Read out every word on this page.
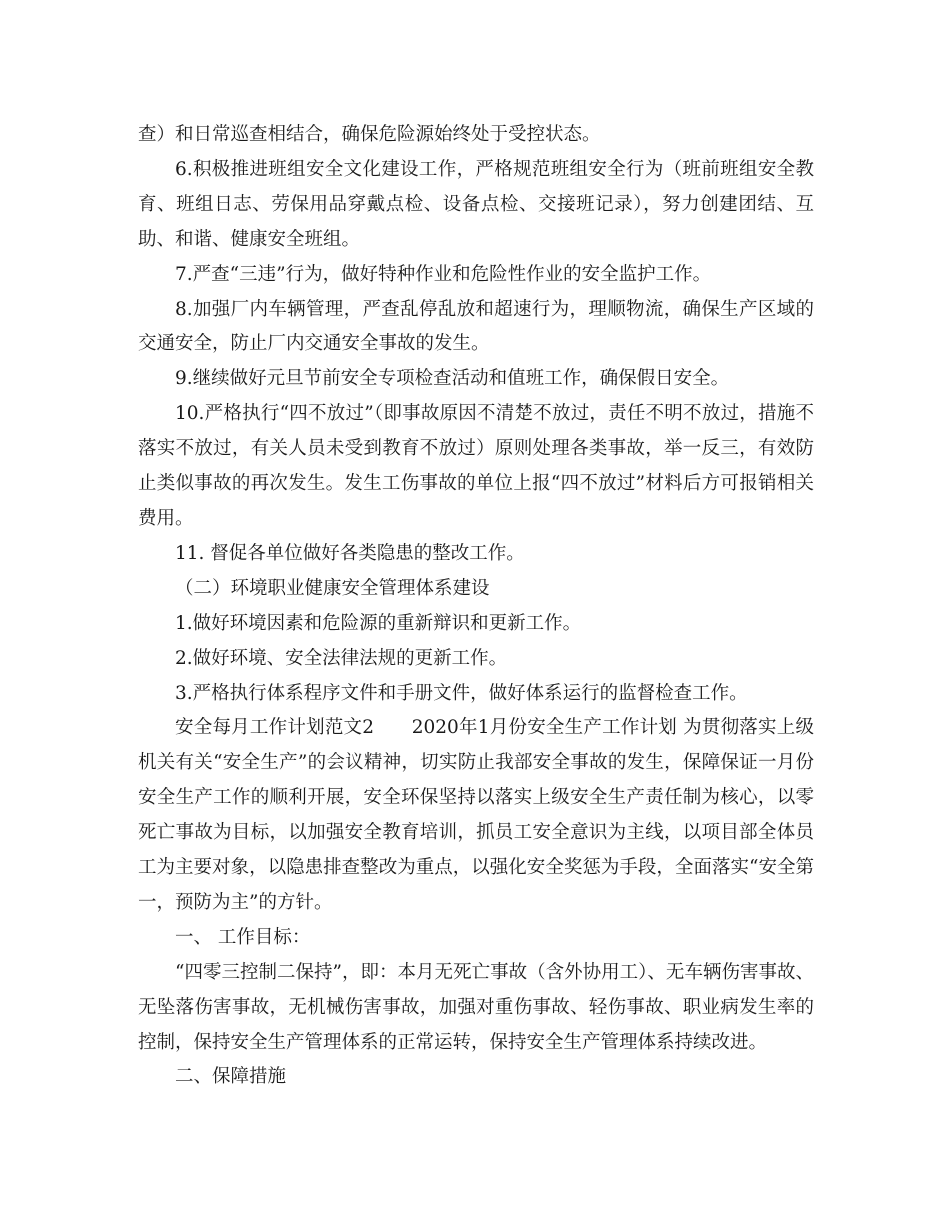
查）和日常巡查相结合，确保危险源始终处于受控状态。

6.积极推进班组安全文化建设工作，严格规范班组安全行为（班前班组安全教育、班组日志、劳保用品穿戴点检、设备点检、交接班记录），努力创建团结、互助、和谐、健康安全班组。

7.严查“三违”行为，做好特种作业和危险性作业的安全监护工作。

8.加强厂内车辆管理，严查乱停乱放和超速行为，理顺物流，确保生产区域的交通安全，防止厂内交通安全事故的发生。

9.继续做好元旦节前安全专项检查活动和值班工作，确保假日安全。

10.严格执行“四不放过”（即事故原因不清楚不放过，责任不明不放过，措施不落实不放过，有关人员未受到教育不放过）原则处理各类事故，举一反三，有效防止类似事故的再次发生。发生工伤事故的单位上报“四不放过”材料后方可报销相关费用。

11. 督促各单位做好各类隐患的整改工作。

（二）环境职业健康安全管理体系建设

1.做好环境因素和危险源的重新辩识和更新工作。

2.做好环境、安全法律法规的更新工作。

3.严格执行体系程序文件和手册文件，做好体系运行的监督检查工作。

安全每月工作计划范文2　　2020年1月份安全生产工作计划 为贯彻落实上级机关有关“安全生产”的会议精神，切实防止我部安全事故的发生，保障保证一月份安全生产工作的顺利开展，安全环保坚持以落实上级安全生产责任制为核心，以零死亡事故为目标，以加强安全教育培训，抓员工安全意识为主线，以项目部全体员工为主要对象，以隐患排查整改为重点，以强化安全奖惩为手段，全面落实“安全第一，预防为主”的方针。

一、 工作目标：

“四零三控制二保持”，即：本月无死亡事故（含外协用工）、无车辆伤害事故、无坠落伤害事故，无机械伤害事故，加强对重伤事故、轻伤事故、职业病发生率的控制，保持安全生产管理体系的正常运转，保持安全生产管理体系持续改进。

二、保障措施
